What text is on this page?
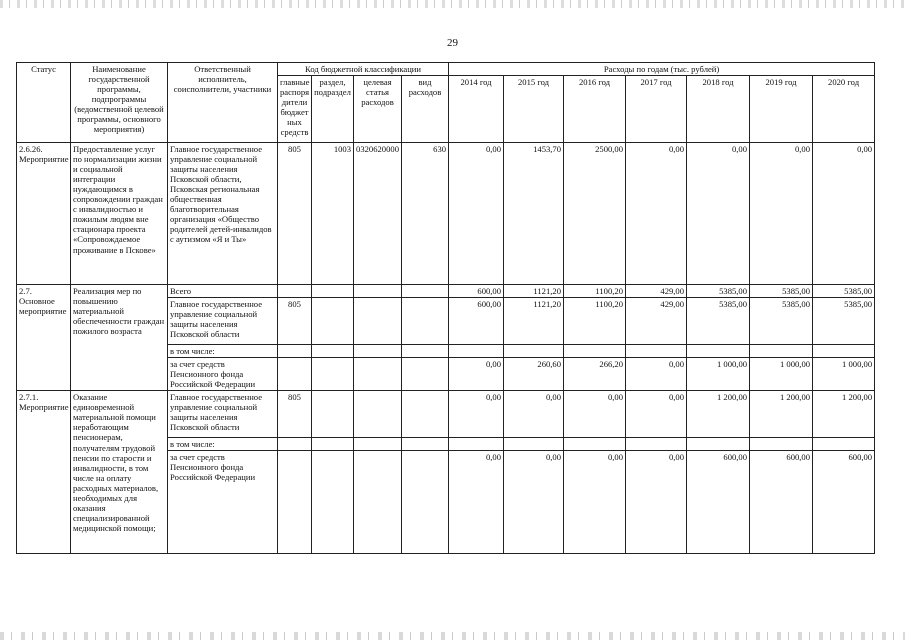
29
Статус	Наименование государственной программы, подпрограммы (ведомственной целевой программы, основного мероприятия)	Ответственный исполнитель, соисполнители, участники	Код бюджетной классификации				Расходы по годам (тыс. рублей)						
			главные распоря дители бюджет ных средств	раздел, подраздел	целевая статья расходов	вид расходов	2014 год	2015 год	2016 год	2017 год	2018 год	2019 год	2020 год
2.6.26. Мероприятие	Предоставление услуг по нормализации жизни и социальной интеграции нуждающимся в сопровождении граждан с инвалидностью и пожилым людям вне стационара проекта «Сопровождаемое проживание в Пскове»	Главное государственное управление социальной защиты населения Псковской области, Псковская региональная общественная благотворительная организация «Общество родителей детей-инвалидов с аутизмом «Я и Ты»	805	1003	0320620000	630	0,00	1453,70	2500,00	0,00	0,00	0,00	0,00
2.7. Основное мероприятие	Реализация мер по повышению материальной обеспеченности граждан пожилого возраста	Всего					600,00	1121,20	1100,20	429,00	5385,00	5385,00	5385,00
		Главное государственное управление социальной защиты населения Псковской области	805				600,00	1121,20	1100,20	429,00	5385,00	5385,00	5385,00
		в том числе:											
		за счет средств Пенсионного фонда Российской Федерации					0,00	260,60	266,20	0,00	1 000,00	1 000,00	1 000,00
2.7.1. Мероприятие	Оказание единовременной материальной помощи неработающим пенсионерам, получателям трудовой пенсии по старости и инвалидности, в том числе на оплату расходных материалов, необходимых для оказания специализированной медицинской помощи;	Главное государственное управление социальной защиты населения Псковской области	805				0,00	0,00	0,00	0,00	1 200,00	1 200,00	1 200,00
		в том числе:											
		за счет средств Пенсионного фонда Российской Федерации					0,00	0,00	0,00	0,00	600,00	600,00	600,00
